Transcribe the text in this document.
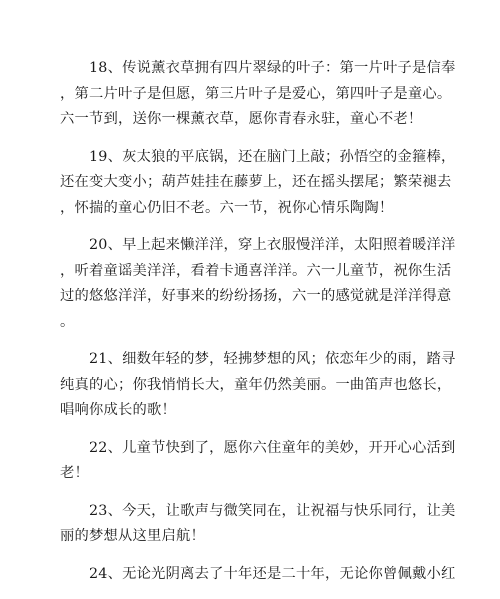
　　18、传说薰衣草拥有四片翠绿的叶子：第一片叶子是信奉
，第二片叶子是但愿，第三片叶子是爱心，第四叶子是童心。
六一节到，送你一棵薰衣草，愿你青春永驻，童心不老！
　　19、灰太狼的平底锅，还在脑门上敲；孙悟空的金箍棒，
还在变大变小；葫芦娃挂在藤萝上，还在摇头摆尾；繁荣褪去
，怀揣的童心仍旧不老。六一节，祝你心情乐陶陶！
　　20、早上起来懒洋洋，穿上衣服慢洋洋，太阳照着暖洋洋
，听着童谣美洋洋，看着卡通喜洋洋。六一儿童节，祝你生活
过的悠悠洋洋，好事来的纷纷扬扬，六一的感觉就是洋洋得意
。
　　21、细数年轻的梦，轻拂梦想的风；依恋年少的雨，踏寻
纯真的心；你我悄悄长大，童年仍然美丽。一曲笛声也悠长，
唱响你成长的歌！
　　22、儿童节快到了，愿你六住童年的美妙，开开心心活到
老！
　　23、今天，让歌声与微笑同在，让祝福与快乐同行，让美
丽的梦想从这里启航！
　　24、无论光阴离去了十年还是二十年，无论你曾佩戴小红
